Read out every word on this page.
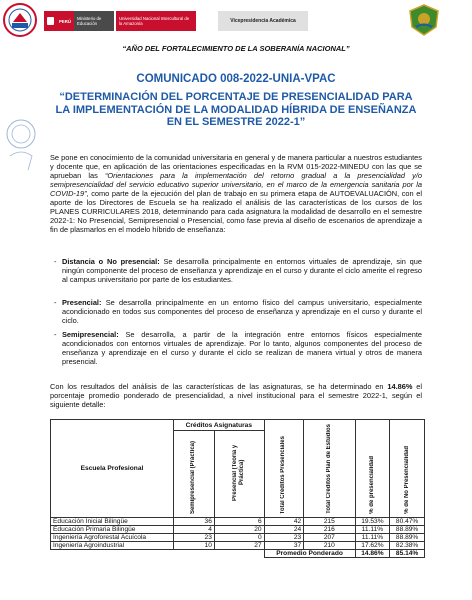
PERÚ	Ministerio de Educación
Universidad Nacional Intercultural de la Amazonía	Vicepresidencia Académica
“AÑO DEL FORTALECIMIENTO DE LA SOBERANÍA NACIONAL”
COMUNICADO 008-2022-UNIA-VPAC
“DETERMINACIÓN DEL PORCENTAJE DE PRESENCIALIDAD PARA LA IMPLEMENTACIÓN DE LA MODALIDAD HÍBRIDA DE ENSEÑANZA EN EL SEMESTRE 2022-1”
Se pone en conocimiento de la comunidad universitaria en general y de manera particular a nuestros estudiantes y docente que, en aplicación de las orientaciones especificadas en la RVM 015-2022-MINEDU con las que se aprueban las “Orientaciones para la implementación del retorno gradual a la presencialidad y/o semipresencialidad del servicio educativo superior universitario, en el marco de la emergencia sanitaria por la COVID-19”, como parte de la ejecución del plan de trabajo en su primera etapa de AUTOEVALUACIÓN, con el aporte de los Directores de Escuela se ha realizado el análisis de las características de los cursos de los PLANES CURRICULARES 2018, determinando para cada asignatura la modalidad de desarrollo en el semestre 2022-1: No Presencial, Semipresencial o Presencial, como fase previa al diseño de escenarios de aprendizaje a fin de plasmarlos en el modelo híbrido de enseñanza:
- Distancia o No presencial: Se desarrolla principalmente en entornos virtuales de aprendizaje, sin que ningún componente del proceso de enseñanza y aprendizaje en el curso y durante el ciclo amerite el regreso al campus universitario por parte de los estudiantes.
- Presencial: Se desarrolla principalmente en un entorno físico del campus universitario, especialmente acondicionado en todos sus componentes del proceso de enseñanza y aprendizaje en el curso y durante el ciclo.
- Semipresencial: Se desarrolla, a partir de la integración entre entornos físicos especialmente acondicionados con entornos virtuales de aprendizaje. Por lo tanto, algunos componentes del proceso de enseñanza y aprendizaje en el curso y durante el ciclo se realizan de manera virtual y otros de manera presencial.
Con los resultados del análisis de las características de las asignaturas, se ha determinado en 14.86% el porcentaje promedio ponderado de presencialidad, a nivel institucional para el semestre 2022-1, según el siguiente detalle:
Escuela Profesional	Créditos Asignaturas		Total Créditos Presenciales	Total Créditos Plan de Estudios	% de presencialidad	% de No Presencialidad

	Semipresencial (Práctica)	Presencial (Teoría y Práctica)				

Educación Inicial Bilingüe	36	6	42	215	19.53%	80.47%
Educación Primaria Bilingüe	4	20	24	216	11.11%	88.89%
Ingeniería Agroforestal Acuícola	23	0	23	207	11.11%	88.89%
Ingeniería Agroindustrial	10	27	37	210	17.62%	82.38%
			Promedio Ponderado		14.86%	85.14%
